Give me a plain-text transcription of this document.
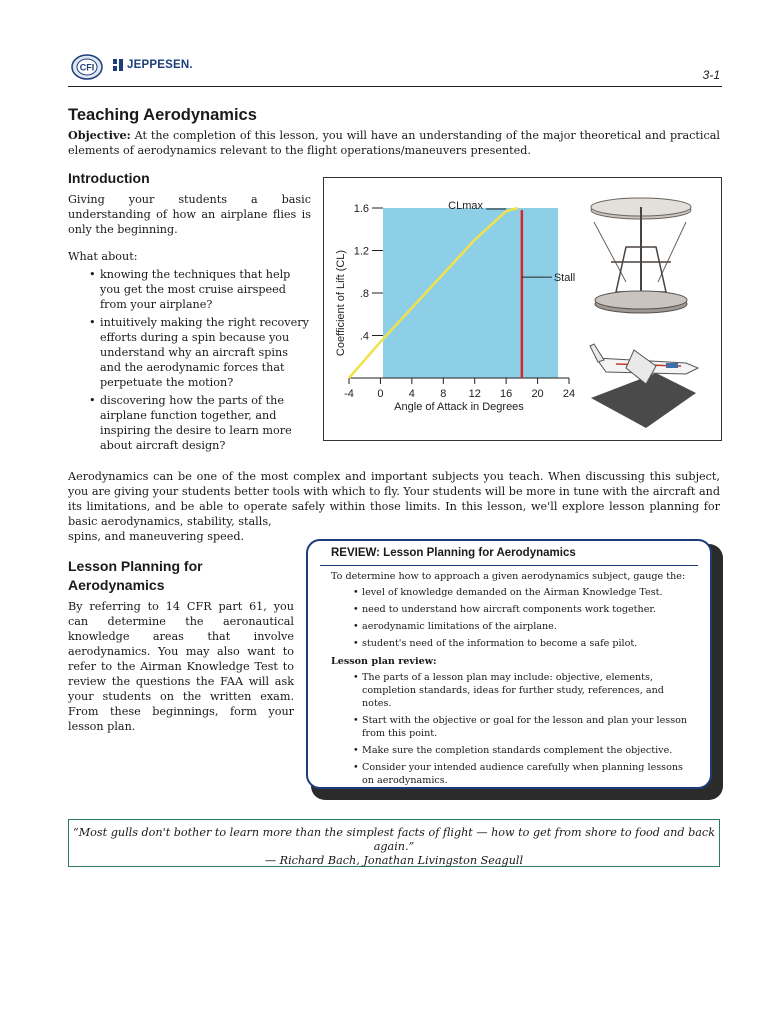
CFI	JEPPESEN.
3-1
Teaching Aerodynamics

Objective: At the completion of this lesson, you will have an understanding of the major theoretical and practical elements of aerodynamics relevant to the flight operations/maneuvers presented.

Introduction

Giving your students a basic understanding of how an airplane flies is only the beginning.

What about:

• knowing the techniques that help you get the most cruise airspeed from your airplane?
• intuitively making the right recovery efforts during a spin because you understand why an aircraft spins and the aerodynamic forces that perpetuate the motion?
• discovering how the parts of the airplane function together, and inspiring the desire to learn more about aircraft design?
.4
.8
1.2
1.6
-4 0 4 8 12 16 20 24
Angle of Attack in Degrees
Coefficient of Lift (CL)	Stall
CLmax

Aerodynamics can be one of the most complex and important subjects you teach. When discussing this subject, you are giving your students better tools with which to fly. Your students will be more in tune with the aircraft and its limitations, and be able to operate safely within those limits. In this lesson, we'll explore lesson planning for basic aerodynamics, stability, stalls,

spins, and maneuvering speed.

Lesson Planning for Aerodynamics

By referring to 14 CFR part 61, you can determine the aeronautical knowledge areas that involve aerodynamics. You may also want to refer to the Airman Knowledge Test to review the questions the FAA will ask your students on the written exam. From these beginnings, form your lesson plan.

REVIEW: Lesson Planning for Aerodynamics
To determine how to approach a given aerodynamics subject, gauge the:
• level of knowledge demanded on the Airman Knowledge Test.
• need to understand how aircraft components work together.
• aerodynamic limitations of the airplane.
• student's need of the information to become a safe pilot.
Lesson plan review:
• The parts of a lesson plan may include: objective, elements, completion standards, ideas for further study, references, and notes.
• Start with the objective or goal for the lesson and plan your lesson from this point.
• Make sure the completion standards complement the objective.
• Consider your intended audience carefully when planning lessons on aerodynamics.
“Most gulls don't bother to learn more than the simplest facts of flight — how to get from shore to food and back again.”
— Richard Bach, Jonathan Livingston Seagull
